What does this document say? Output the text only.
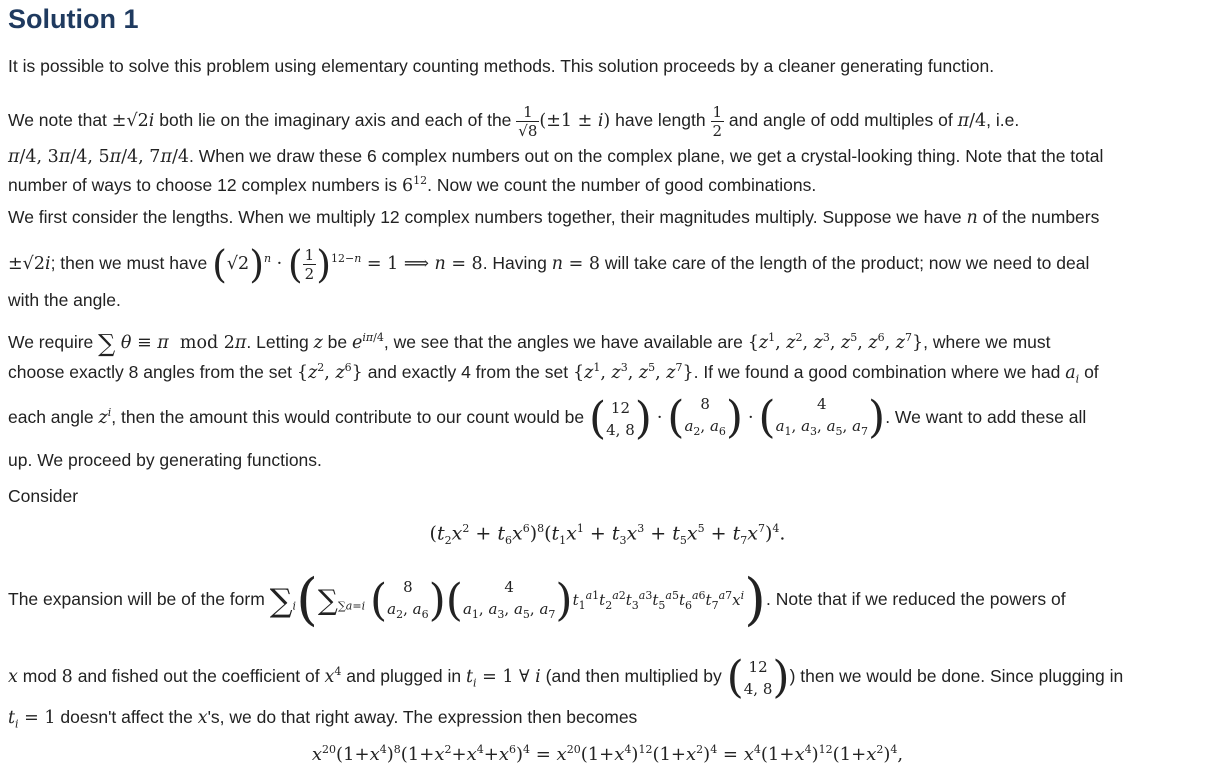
Solution 1
It is possible to solve this problem using elementary counting methods. This solution proceeds by a cleaner generating function.
We note that ±√2i both lie on the imaginary axis and each of the $\frac{1}{√8} (\pm 1 \pm i)$ have length $\frac{1}{2}$ and angle of odd multiples of π/4, i.e.
π/4, 3π/4, 5π/4, 7π/4. When we draw these 6 complex numbers out on the complex plane, we get a crystal-looking thing. Note that the total
number of ways to choose 12 complex numbers is $6^{12}$. Now we count the number of good combinations.
We first consider the lengths. When we multiply 12 complex numbers together, their magnitudes multiply. Suppose we have n of the numbers
±√2i; then we must have $(√2)^n$ · ( $\frac{1}{2} )^{12-n} = 1$ ⟹ n = 8. Having n = 8 will take care of the length of the product; now we need to deal
with the angle.
We require ∑ θ ≡ π  mod 2π. Letting z be $e^{i\pi/4}$, we see that the angles we have available are {$z^1$, $z^2$, $z^3$, $z^5$, $z^6$, $z^7$}, where we must
choose exactly 8 angles from the set {$z^2$, $z^6$} and exactly 4 from the set {$z^1$, $z^3$, $z^5$, $z^7$}. If we found a good combination where we had $a_i$ of
each angle $z^i$, then the amount this would contribute to our count would be ( 12
4, 8) · ( 8
$a_2$, $a_6$) · (	4
$a_1$, $a_3$, $a_5$, $a_7$). We want to add these all
up. We proceed by generating functions.
Consider
$(t_2x^2 + t_6x^6)^8(t_1x^1 + t_3x^3 + t_5x^5 + t_7x^7)^4$.
The expansion will be of the form $\sum_i(\sum_{\sum a=i}$ ( 8
$a_2$, $a_6$)(	4
$a_1$, $a_3$, $a_5$, $a_7)t_1^{a1}t_2^{a2}t_3^{a3}t_5^{a5}t_6^{a6}t_7^{a7}x^i$). Note that if we reduced the powers of
x mod 8 and fished out the coefficient of $x^4$ and plugged in $t_i = 1$ ∀ i (and then multiplied by ( 12
4, 8)) then we would be done. Since plugging in
$t_i = 1$ doesn't affect the x's, we do that right away. The expression then becomes
$x^{20}(1+x^4)^8(1+x^2+x^4+x^6)^4 = x^{20}(1+x^4)^{12}(1+x^2)^4 = x^4(1+x^4)^{12}(1+x^2)^4$,
